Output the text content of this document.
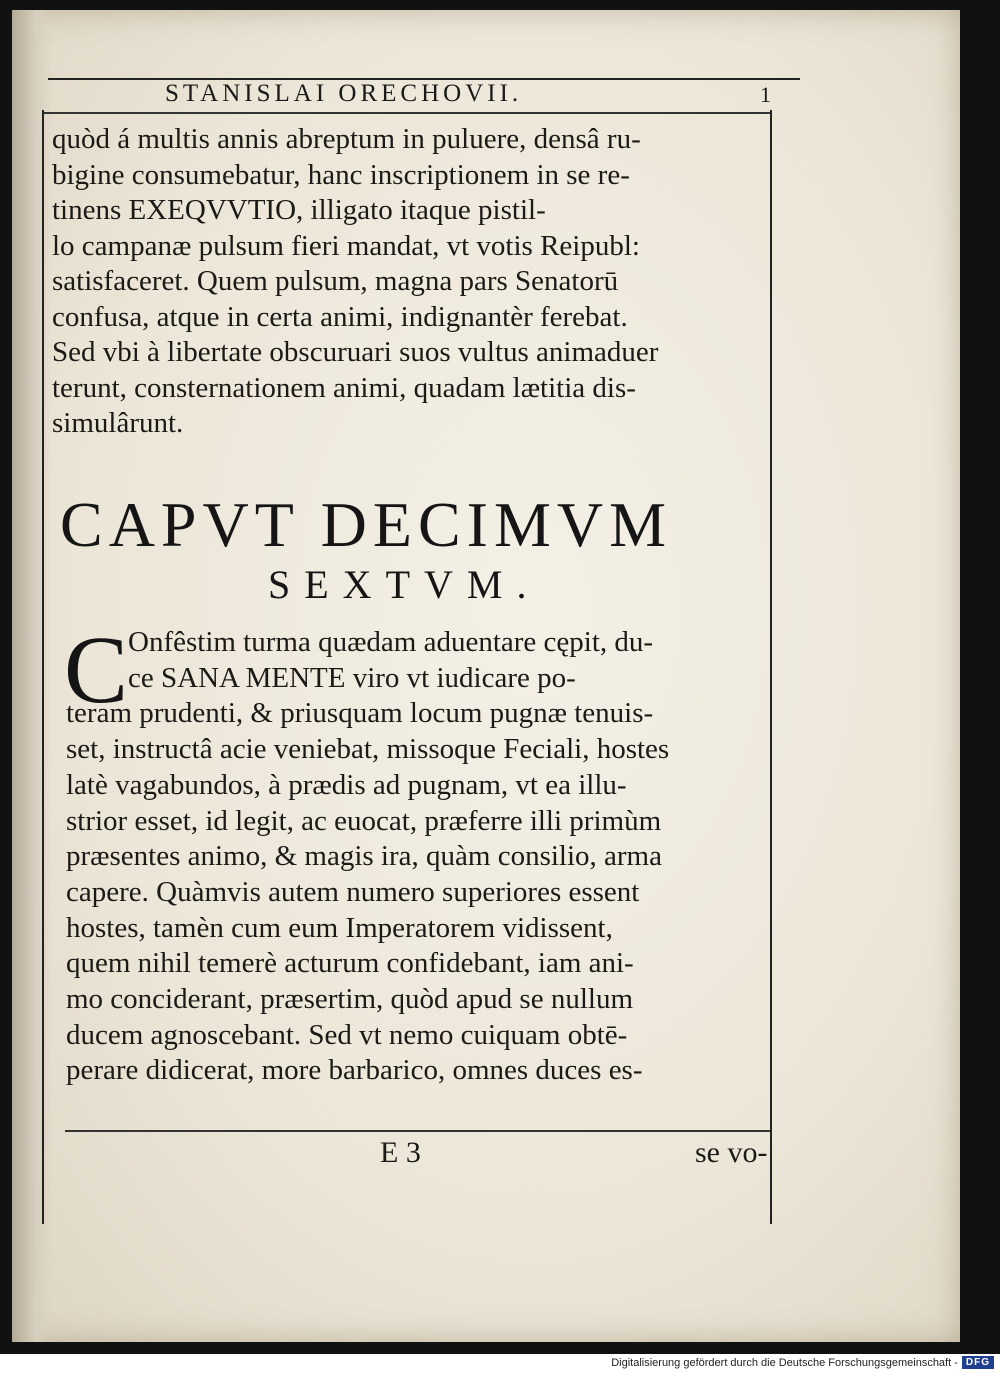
STANISLAI ORECHOVII.	1
quòd á multis annis abreptum in puluere, densâ ru-
bigine consumebatur, hanc inscriptionem in se re-
tinens EXEQVVTIO, illigato itaque pistil-
lo campanæ pulsum fieri mandat, vt votis Reipubl:
satisfaceret. Quem pulsum, magna pars Senatorū
confusa, atque in certa animi, indignantèr ferebat.
Sed vbi à libertate obscuruari suos vultus animaduer
terunt, consternationem animi, quadam lætitia dis-
simulârunt.
CAPVT DECIMVM
SEXTVM.
C Onfêstim turma quædam aduentare cępit, du-
ce SANA MENTE viro vt iudicare po-
teram prudenti, & priusquam locum pugnæ tenuis-
set, instructâ acie veniebat, missoque Feciali, hostes
latè vagabundos, à prædis ad pugnam, vt ea illu-
strior esset, id legit, ac euocat, præferre illi primùm
præsentes animo, & magis ira, quàm consilio, arma
capere. Quàmvis autem numero superiores essent
hostes, tamèn cum eum Imperatorem vidissent,
quem nihil temerè acturum confidebant, iam ani-
mo conciderant, præsertim, quòd apud se nullum
ducem agnoscebant. Sed vt nemo cuiquam obtē-
perare didicerat, more barbarico, omnes duces es-
E 3	se vo-
Digitalisierung gefördert durch die Deutsche Forschungsgemeinschaft - DFG
